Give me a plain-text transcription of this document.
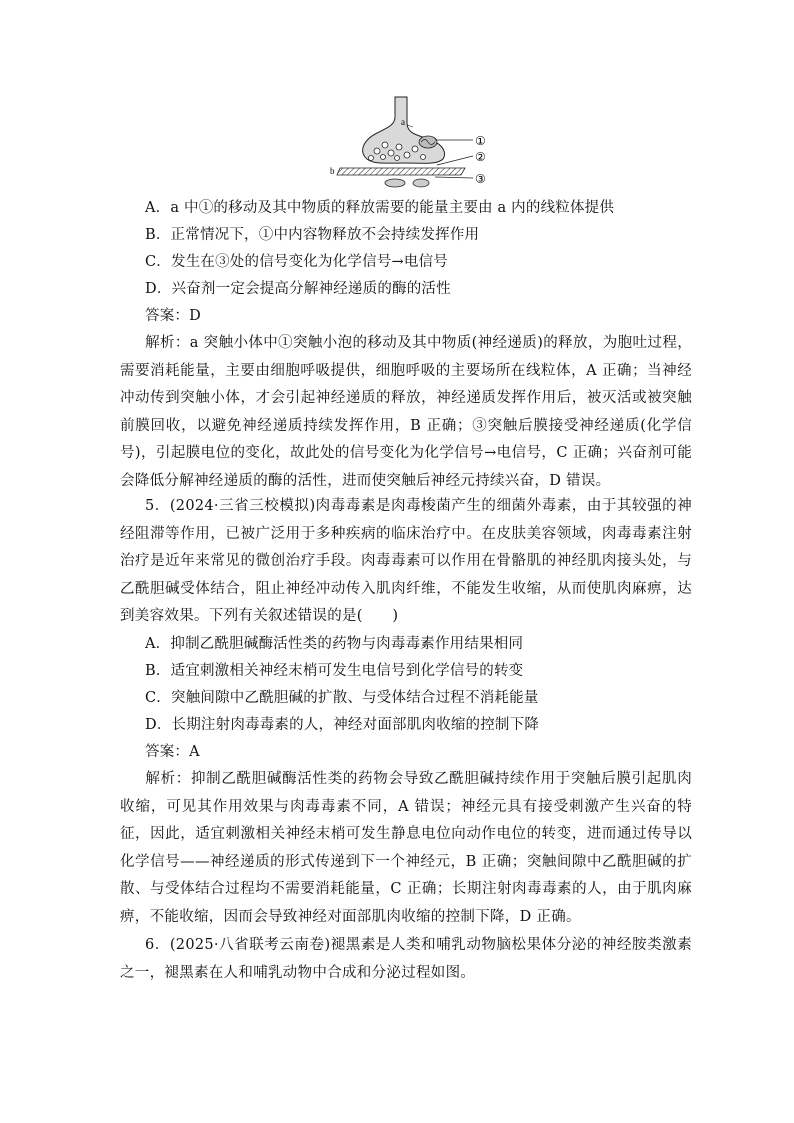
a
b
①
②
③
A．a 中①的移动及其中物质的释放需要的能量主要由 a 内的线粒体提供
B．正常情况下，①中内容物释放不会持续发挥作用
C．发生在③处的信号变化为化学信号→电信号
D．兴奋剂一定会提高分解神经递质的酶的活性
答案：D
解析：a 突触小体中①突触小泡的移动及其中物质(神经递质)的释放，为胞吐过程，需要消耗能量，主要由细胞呼吸提供，细胞呼吸的主要场所在线粒体，A 正确；当神经冲动传到突触小体，才会引起神经递质的释放，神经递质发挥作用后，被灭活或被突触前膜回收，以避免神经递质持续发挥作用，B 正确；③突触后膜接受神经递质(化学信号)，引起膜电位的变化，故此处的信号变化为化学信号→电信号，C 正确；兴奋剂可能会降低分解神经递质的酶的活性，进而使突触后神经元持续兴奋，D 错误。
5．(2024·三省三校模拟)肉毒毒素是肉毒梭菌产生的细菌外毒素，由于其较强的神经阻滞等作用，已被广泛用于多种疾病的临床治疗中。在皮肤美容领域，肉毒毒素注射治疗是近年来常见的微创治疗手段。肉毒毒素可以作用在骨骼肌的神经肌肉接头处，与乙酰胆碱受体结合，阻止神经冲动传入肌肉纤维，不能发生收缩，从而使肌肉麻痹，达到美容效果。下列有关叙述错误的是(　　)
A．抑制乙酰胆碱酶活性类的药物与肉毒毒素作用结果相同
B．适宜刺激相关神经末梢可发生电信号到化学信号的转变
C．突触间隙中乙酰胆碱的扩散、与受体结合过程不消耗能量
D．长期注射肉毒毒素的人，神经对面部肌肉收缩的控制下降
答案：A
解析：抑制乙酰胆碱酶活性类的药物会导致乙酰胆碱持续作用于突触后膜引起肌肉收缩，可见其作用效果与肉毒毒素不同，A 错误；神经元具有接受刺激产生兴奋的特征，因此，适宜刺激相关神经末梢可发生静息电位向动作电位的转变，进而通过传导以化学信号——神经递质的形式传递到下一个神经元，B 正确；突触间隙中乙酰胆碱的扩散、与受体结合过程均不需要消耗能量，C 正确；长期注射肉毒毒素的人，由于肌肉麻痹，不能收缩，因而会导致神经对面部肌肉收缩的控制下降，D 正确。
6．(2025·八省联考云南卷)褪黑素是人类和哺乳动物脑松果体分泌的神经胺类激素之一，褪黑素在人和哺乳动物中合成和分泌过程如图。
